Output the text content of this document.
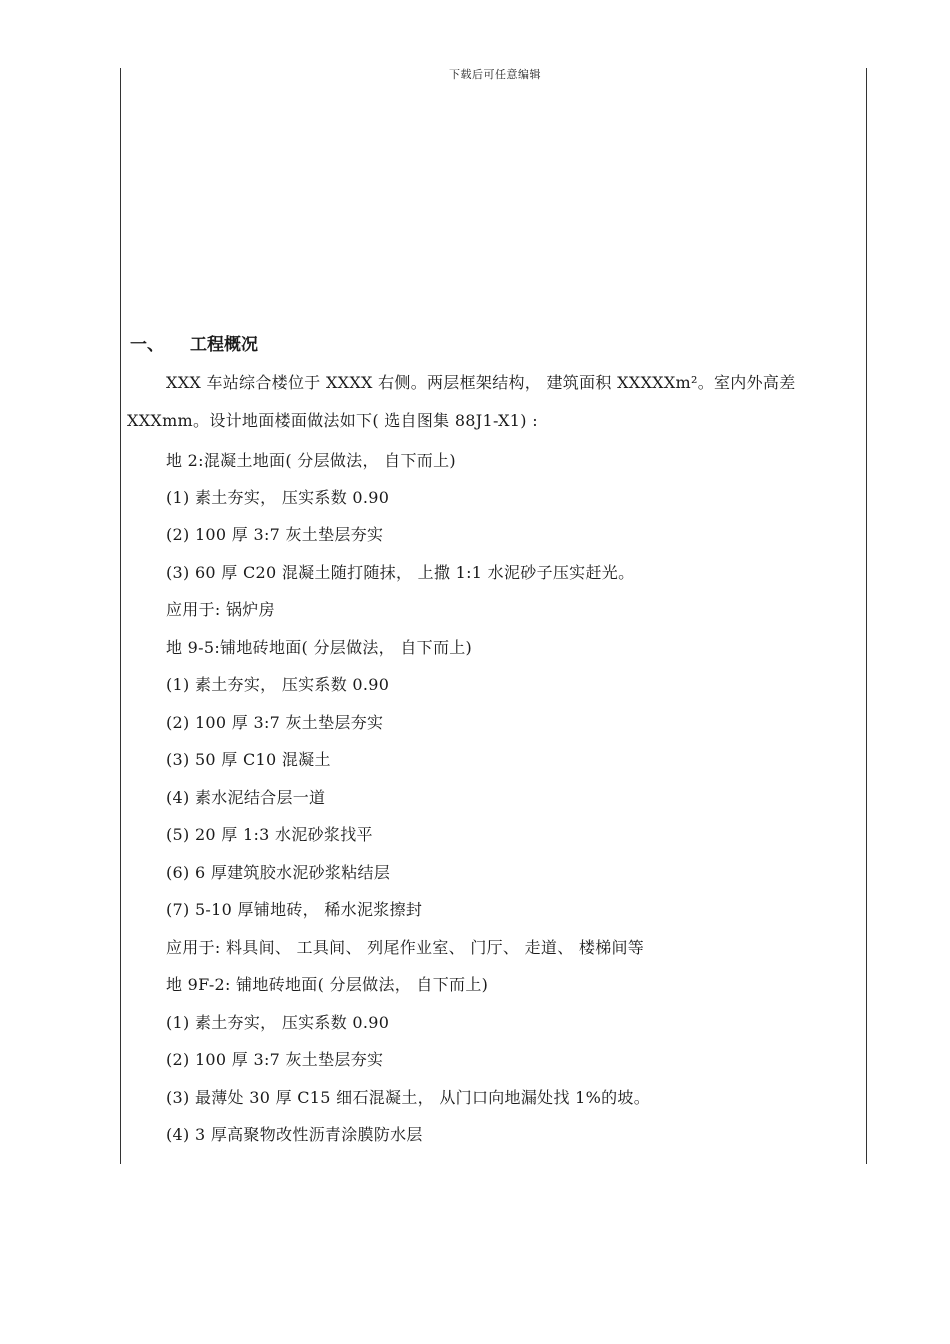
下载后可任意编辑
一、 工程概况
XXX 车站综合楼位于 XXXX 右侧。两层框架结构， 建筑面积 XXXXXm²。室内外高差
XXXmm。设计地面楼面做法如下( 选自图集 88J1-X1) :
地 2:混凝土地面( 分层做法， 自下而上)
(1) 素土夯实， 压实系数 0.90
(2) 100 厚 3:7 灰土垫层夯实
(3) 60 厚 C20 混凝土随打随抹， 上撒 1:1 水泥砂子压实赶光。
应用于: 锅炉房
地 9-5:铺地砖地面( 分层做法， 自下而上)
(1) 素土夯实， 压实系数 0.90
(2) 100 厚 3:7 灰土垫层夯实
(3) 50 厚 C10 混凝土
(4) 素水泥结合层一道
(5) 20 厚 1:3 水泥砂浆找平
(6) 6 厚建筑胶水泥砂浆粘结层
(7) 5-10 厚铺地砖， 稀水泥浆擦封
应用于: 料具间、 工具间、 列尾作业室、 门厅、 走道、 楼梯间等
地 9F-2: 铺地砖地面( 分层做法， 自下而上)
(1) 素土夯实， 压实系数 0.90
(2) 100 厚 3:7 灰土垫层夯实
(3) 最薄处 30 厚 C15 细石混凝土， 从门口向地漏处找 1%的坡。
(4) 3 厚高聚物改性沥青涂膜防水层
